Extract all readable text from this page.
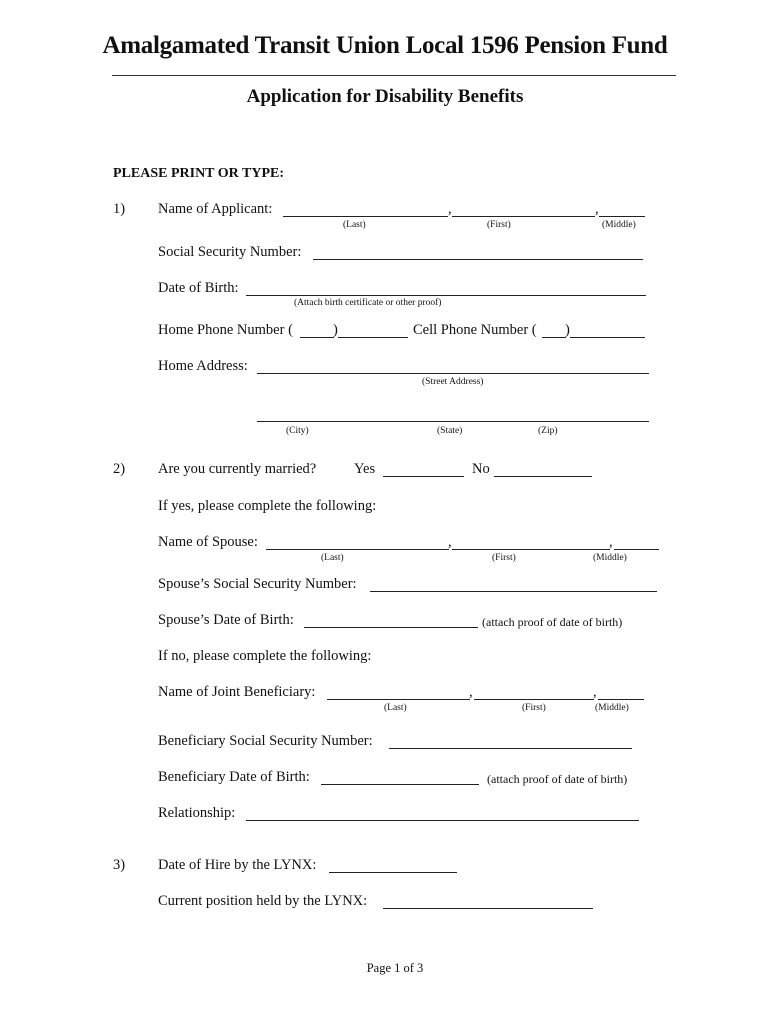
Amalgamated Transit Union Local 1596 Pension Fund
Application for Disability Benefits
PLEASE PRINT OR TYPE:
1) Name of Applicant:	,	,
(Last)	(First)	(Middle)
Social Security Number:
Date of Birth:
(Attach birth certificate or other proof)
Home Phone Number (	)	Cell Phone Number ( )
Home Address:
(Street Address)
(City)	(State)	(Zip)
2) Are you currently married?	Yes	No
If yes, please complete the following:
Name of Spouse:	,	,
(Last)	(First)	(Middle)
Spouse’s Social Security Number:
Spouse’s Date of Birth:	(attach proof of date of birth)
If no, please complete the following:
Name of Joint Beneficiary:	,	,
(Last)	(First)	(Middle)
Beneficiary Social Security Number:
Beneficiary Date of Birth:	(attach proof of date of birth)
Relationship:
3) Date of Hire by the LYNX:
Current position held by the LYNX:
Page 1 of 3
